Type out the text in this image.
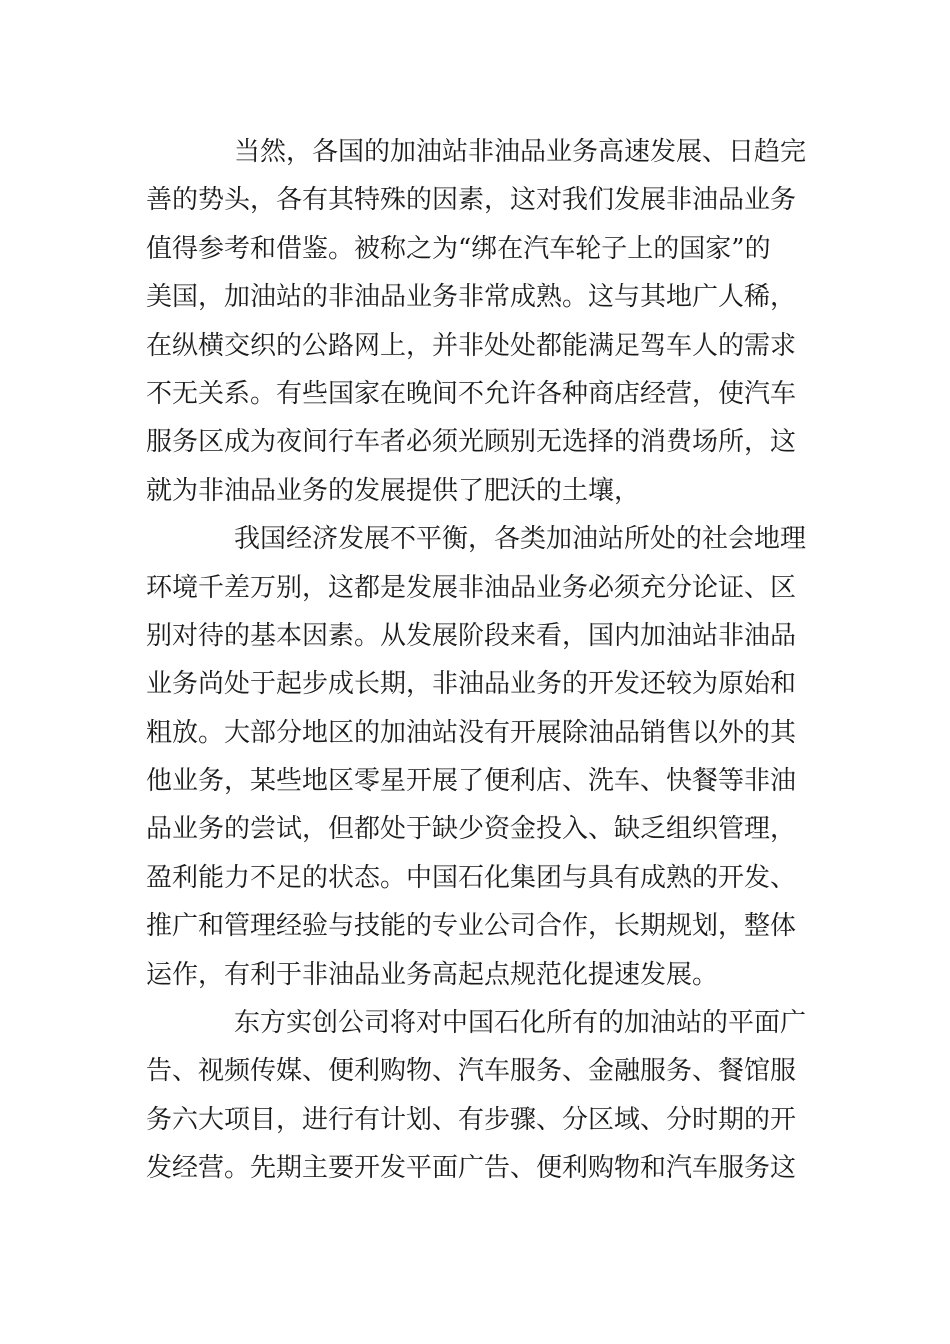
当然，各国的加油站非油品业务高速发展、日趋完
善的势头，各有其特殊的因素，这对我们发展非油品业务
值得参考和借鉴。被称之为“绑在汽车轮子上的国家”的
美国，加油站的非油品业务非常成熟。这与其地广人稀，
在纵横交织的公路网上，并非处处都能满足驾车人的需求
不无关系。有些国家在晚间不允许各种商店经营，使汽车
服务区成为夜间行车者必须光顾别无选择的消费场所，这
就为非油品业务的发展提供了肥沃的土壤，
我国经济发展不平衡，各类加油站所处的社会地理
环境千差万别，这都是发展非油品业务必须充分论证、区
别对待的基本因素。从发展阶段来看，国内加油站非油品
业务尚处于起步成长期，非油品业务的开发还较为原始和
粗放。大部分地区的加油站没有开展除油品销售以外的其
他业务，某些地区零星开展了便利店、洗车、快餐等非油
品业务的尝试，但都处于缺少资金投入、缺乏组织管理，
盈利能力不足的状态。中国石化集团与具有成熟的开发、
推广和管理经验与技能的专业公司合作，长期规划，整体
运作，有利于非油品业务高起点规范化提速发展。
东方实创公司将对中国石化所有的加油站的平面广
告、视频传媒、便利购物、汽车服务、金融服务、餐馆服
务六大项目，进行有计划、有步骤、分区域、分时期的开
发经营。先期主要开发平面广告、便利购物和汽车服务这
